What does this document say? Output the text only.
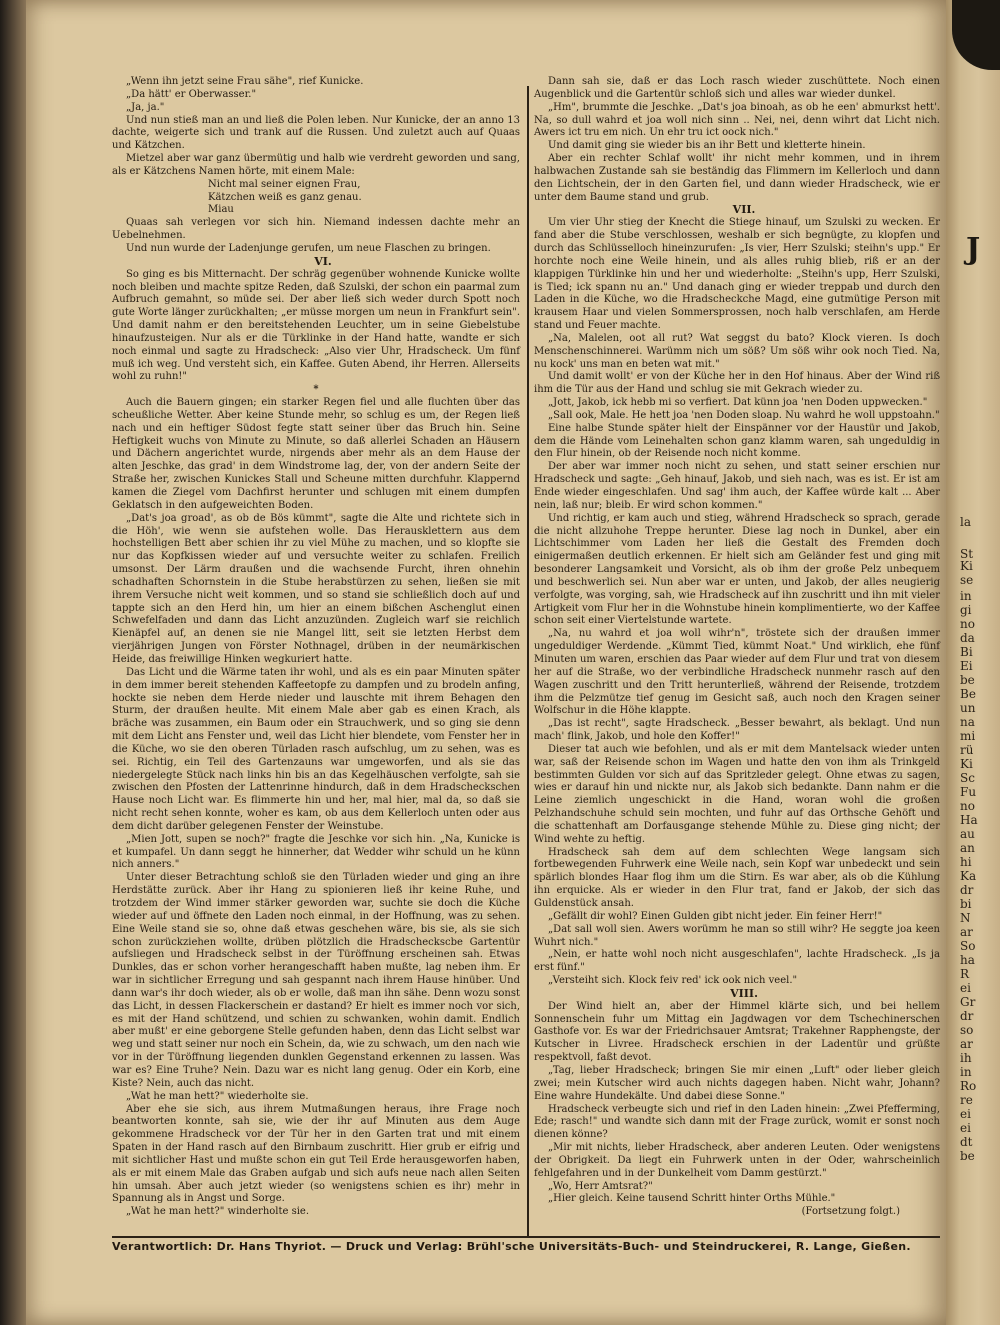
J
la
St
Ki
se
in
gi
no
da
Bi
Ei
be
Be
un
na
mi
rü
Ki
Sc
Fu
no
Ha
au
an
hi
Ka
dr
bi
N
ar
So
ha
R
ei
Gr
dr
so
ar
ih
in
Ro
re
ei
ei
dt
be

„Wenn ihn jetzt seine Frau sähe", rief Kunicke.

„Da hätt' er Oberwasser."

„Ja, ja."

Und nun stieß man an und ließ die Polen leben. Nur Kunicke, der an anno 13 dachte, weigerte sich und trank auf die Russen. Und zuletzt auch auf Quaas und Kätzchen.

Mietzel aber war ganz übermütig und halb wie verdreht geworden und sang, als er Kätzchens Namen hörte, mit einem Male:

Nicht mal seiner eignen Frau,

Kätzchen weiß es ganz genau.

Miau

Quaas sah verlegen vor sich hin. Niemand indessen dachte mehr an Uebelnehmen.

Und nun wurde der Ladenjunge gerufen, um neue Flaschen zu bringen.

VI.

So ging es bis Mitternacht. Der schräg gegenüber wohnende Kunicke wollte noch bleiben und machte spitze Reden, daß Szulski, der schon ein paarmal zum Aufbruch gemahnt, so müde sei. Der aber ließ sich weder durch Spott noch gute Worte länger zurückhalten; „er müsse morgen um neun in Frankfurt sein". Und damit nahm er den bereitstehenden Leuchter, um in seine Giebelstube hinaufzusteigen. Nur als er die Türklinke in der Hand hatte, wandte er sich noch einmal und sagte zu Hradscheck: „Also vier Uhr, Hradscheck. Um fünf muß ich weg. Und versteht sich, ein Kaffee. Guten Abend, ihr Herren. Allerseits wohl zu ruhn!"

*

Auch die Bauern gingen; ein starker Regen fiel und alle fluchten über das scheußliche Wetter. Aber keine Stunde mehr, so schlug es um, der Regen ließ nach und ein heftiger Südost fegte statt seiner über das Bruch hin. Seine Heftigkeit wuchs von Minute zu Minute, so daß allerlei Schaden an Häusern und Dächern angerichtet wurde, nirgends aber mehr als an dem Hause der alten Jeschke, das grad' in dem Windstrome lag, der, von der andern Seite der Straße her, zwischen Kunickes Stall und Scheune mitten durchfuhr. Klappernd kamen die Ziegel vom Dachfirst herunter und schlugen mit einem dumpfen Geklatsch in den aufgeweichten Boden.

„Dat's joa groad', as ob de Bös kümmt", sagte die Alte und richtete sich in die Höh', wie wenn sie aufstehen wolle. Das Herausklettern aus dem hochstelligen Bett aber schien ihr zu viel Mühe zu machen, und so klopfte sie nur das Kopfkissen wieder auf und versuchte weiter zu schlafen. Freilich umsonst. Der Lärm draußen und die wachsende Furcht, ihren ohnehin schadhaften Schornstein in die Stube herabstürzen zu sehen, ließen sie mit ihrem Versuche nicht weit kommen, und so stand sie schließlich doch auf und tappte sich an den Herd hin, um hier an einem bißchen Aschenglut einen Schwefelfaden und dann das Licht anzuzünden. Zugleich warf sie reichlich Kienäpfel auf, an denen sie nie Mangel litt, seit sie letzten Herbst dem vierjährigen Jungen von Förster Nothnagel, drüben in der neumärkischen Heide, das freiwillige Hinken wegkuriert hatte.

Das Licht und die Wärme taten ihr wohl, und als es ein paar Minuten später in dem immer bereit stehenden Kaffeetopfe zu dampfen und zu brodeln anfing, hockte sie neben dem Herde nieder und lauschte mit ihrem Behagen den Sturm, der draußen heulte. Mit einem Male aber gab es einen Krach, als bräche was zusammen, ein Baum oder ein Strauchwerk, und so ging sie denn mit dem Licht ans Fenster und, weil das Licht hier blendete, vom Fenster her in die Küche, wo sie den oberen Türladen rasch aufschlug, um zu sehen, was es sei. Richtig, ein Teil des Gartenzauns war umgeworfen, und als sie das niedergelegte Stück nach links hin bis an das Kegelhäuschen verfolgte, sah sie zwischen den Pfosten der Lattenrinne hindurch, daß in dem Hradscheckschen Hause noch Licht war. Es flimmerte hin und her, mal hier, mal da, so daß sie nicht recht sehen konnte, woher es kam, ob aus dem Kellerloch unten oder aus dem dicht darüber gelegenen Fenster der Weinstube.

„Mien Jott, supen se noch?" fragte die Jeschke vor sich hin. „Na, Kunicke is et kumpafel. Un dann seggt he hinnerher, dat Wedder wihr schuld un he künn nich anners."

Unter dieser Betrachtung schloß sie den Türladen wieder und ging an ihre Herdstätte zurück. Aber ihr Hang zu spionieren ließ ihr keine Ruhe, und trotzdem der Wind immer stärker geworden war, suchte sie doch die Küche wieder auf und öffnete den Laden noch einmal, in der Hoffnung, was zu sehen. Eine Weile stand sie so, ohne daß etwas geschehen wäre, bis sie, als sie sich schon zurückziehen wollte, drüben plötzlich die Hradscheckscbe Gartentür aufsliegen und Hradscheck selbst in der Türöffnung erscheinen sah. Etwas Dunkles, das er schon vorher herangeschafft haben mußte, lag neben ihm. Er war in sichtlicher Erregung und sah gespannt nach ihrem Hause hinüber. Und dann war's ihr doch wieder, als ob er wolle, daß man ihn sähe. Denn wozu sonst das Licht, in dessen Flackerschein er dastand? Er hielt es immer noch vor sich, es mit der Hand schützend, und schien zu schwanken, wohin damit. Endlich aber mußt' er eine geborgene Stelle gefunden haben, denn das Licht selbst war weg und statt seiner nur noch ein Schein, da, wie zu schwach, um den nach wie vor in der Türöffnung liegenden dunklen Gegenstand erkennen zu lassen. Was war es? Eine Truhe? Nein. Dazu war es nicht lang genug. Oder ein Korb, eine Kiste? Nein, auch das nicht.

„Wat he man hett?" wiederholte sie.

Aber ehe sie sich, aus ihrem Mutmaßungen heraus, ihre Frage noch beantworten konnte, sah sie, wie der ihr auf Minuten aus dem Auge gekommene Hradscheck vor der Tür her in den Garten trat und mit einem Spaten in der Hand rasch auf den Birnbaum zuschritt. Hier grub er eifrig und mit sichtlicher Hast und mußte schon ein gut Teil Erde herausgeworfen haben, als er mit einem Male das Graben aufgab und sich aufs neue nach allen Seiten hin umsah. Aber auch jetzt wieder (so wenigstens schien es ihr) mehr in Spannung als in Angst und Sorge.

„Wat he man hett?" winderholte sie.

Dann sah sie, daß er das Loch rasch wieder zuschüttete. Noch einen Augenblick und die Gartentür schloß sich und alles war wieder dunkel.

„Hm", brummte die Jeschke. „Dat's joa binoah, as ob he een' abmurkst hett'. Na, so dull wahrd et joa woll nich sinn .. Nei, nei, denn wihrt dat Licht nich. Awers ict tru em nich. Un ehr tru ict oock nich."

Und damit ging sie wieder bis an ihr Bett und kletterte hinein.

Aber ein rechter Schlaf wollt' ihr nicht mehr kommen, und in ihrem halbwachen Zustande sah sie beständig das Flimmern im Kellerloch und dann den Lichtschein, der in den Garten fiel, und dann wieder Hradscheck, wie er unter dem Baume stand und grub.

VII.

Um vier Uhr stieg der Knecht die Stiege hinauf, um Szulski zu wecken. Er fand aber die Stube verschlossen, weshalb er sich begnügte, zu klopfen und durch das Schlüsselloch hineinzurufen: „Is vier, Herr Szulski; steihn's upp." Er horchte noch eine Weile hinein, und als alles ruhig blieb, riß er an der klappigen Türklinke hin und her und wiederholte: „Steihn's upp, Herr Szulski, is Tied; ick spann nu an." Und danach ging er wieder treppab und durch den Laden in die Küche, wo die Hradscheckche Magd, eine gutmütige Person mit krausem Haar und vielen Sommersprossen, noch halb verschlafen, am Herde stand und Feuer machte.

„Na, Malelen, oot all rut? Wat seggst du bato? Klock vieren. Is doch Menschenschinnerei. Warümm nich um söß? Um söß wihr ook noch Tied. Na, nu kock' uns man en beten wat mit."

Und damit wollt' er von der Küche her in den Hof hinaus. Aber der Wind riß ihm die Tür aus der Hand und schlug sie mit Gekrach wieder zu.

„Jott, Jakob, ick hebb mi so verfiert. Dat künn joa 'nen Doden uppwecken."

„Sall ook, Male. He hett joa 'nen Doden sloap. Nu wahrd he woll uppstoahn."

Eine halbe Stunde später hielt der Einspänner vor der Haustür und Jakob, dem die Hände vom Leinehalten schon ganz klamm waren, sah ungeduldig in den Flur hinein, ob der Reisende noch nicht komme.

Der aber war immer noch nicht zu sehen, und statt seiner erschien nur Hradscheck und sagte: „Geh hinauf, Jakob, und sieh nach, was es ist. Er ist am Ende wieder eingeschlafen. Und sag' ihm auch, der Kaffee würde kalt ... Aber nein, laß nur; bleib. Er wird schon kommen."

Und richtig, er kam auch und stieg, während Hradscheck so sprach, gerade die nicht allzuhohe Treppe herunter. Diese lag noch in Dunkel, aber ein Lichtschimmer vom Laden her ließ die Gestalt des Fremden doch einigermaßen deutlich erkennen. Er hielt sich am Geländer fest und ging mit besonderer Langsamkeit und Vorsicht, als ob ihm der große Pelz unbequem und beschwerlich sei. Nun aber war er unten, und Jakob, der alles neugierig verfolgte, was vorging, sah, wie Hradscheck auf ihn zuschritt und ihn mit vieler Artigkeit vom Flur her in die Wohnstube hinein komplimentierte, wo der Kaffee schon seit einer Viertelstunde wartete.

„Na, nu wahrd et joa woll wihr'n", tröstete sich der draußen immer ungeduldiger Werdende. „Kümmt Tied, kümmt Noat." Und wirklich, ehe fünf Minuten um waren, erschien das Paar wieder auf dem Flur und trat von diesem her auf die Straße, wo der verbindliche Hradscheck nunmehr rasch auf den Wagen zuschritt und den Tritt herunterließ, während der Reisende, trotzdem ihm die Pelzmütze tief genug im Gesicht saß, auch noch den Kragen seiner Wolfschur in die Höhe klappte.

„Das ist recht", sagte Hradscheck. „Besser bewahrt, als beklagt. Und nun mach' flink, Jakob, und hole den Koffer!"

Dieser tat auch wie befohlen, und als er mit dem Mantelsack wieder unten war, saß der Reisende schon im Wagen und hatte den von ihm als Trinkgeld bestimmten Gulden vor sich auf das Spritzleder gelegt. Ohne etwas zu sagen, wies er darauf hin und nickte nur, als Jakob sich bedankte. Dann nahm er die Leine ziemlich ungeschickt in die Hand, woran wohl die großen Pelzhandschuhe schuld sein mochten, und fuhr auf das Orthsche Gehöft und die schattenhaft am Dorfausgange stehende Mühle zu. Diese ging nicht; der Wind wehte zu heftig.

Hradscheck sah dem auf dem schlechten Wege langsam sich fortbewegenden Fuhrwerk eine Weile nach, sein Kopf war unbedeckt und sein spärlich blondes Haar flog ihm um die Stirn. Es war aber, als ob die Kühlung ihn erquicke. Als er wieder in den Flur trat, fand er Jakob, der sich das Guldenstück ansah.

„Gefällt dir wohl? Einen Gulden gibt nicht jeder. Ein feiner Herr!"

„Dat sall woll sien. Awers worümm he man so still wihr? He seggte joa keen Wuhrt nich."

„Nein, er hatte wohl noch nicht ausgeschlafen", lachte Hradscheck. „Is ja erst fünf."

„Versteiht sich. Klock feiv red' ick ook nich veel."

VIII.

Der Wind hielt an, aber der Himmel klärte sich, und bei hellem Sonnenschein fuhr um Mittag ein Jagdwagen vor dem Tschechinerschen Gasthofe vor. Es war der Friedrichsauer Amtsrat; Trakehner Rapphengste, der Kutscher in Livree. Hradscheck erschien in der Ladentür und grüßte respektvoll, faßt devot.

„Tag, lieber Hradscheck; bringen Sie mir einen „Luft" oder lieber gleich zwei; mein Kutscher wird auch nichts dagegen haben. Nicht wahr, Johann? Eine wahre Hundekälte. Und dabei diese Sonne."

Hradscheck verbeugte sich und rief in den Laden hinein: „Zwei Pfefferming, Ede; rasch!" und wandte sich dann mit der Frage zurück, womit er sonst noch dienen könne?

„Mir mit nichts, lieber Hradscheck, aber anderen Leuten. Oder wenigstens der Obrigkeit. Da liegt ein Fuhrwerk unten in der Oder, wahrscheinlich fehlgefahren und in der Dunkelheit vom Damm gestürzt."

„Wo, Herr Amtsrat?"

„Hier gleich. Keine tausend Schritt hinter Orths Mühle."

(Fortsetzung folgt.)

Verantwortlich: Dr. Hans Thyriot. — Druck und Verlag: Brühl'sche Universitäts-Buch- und Steindruckerei, R. Lange, Gießen.
